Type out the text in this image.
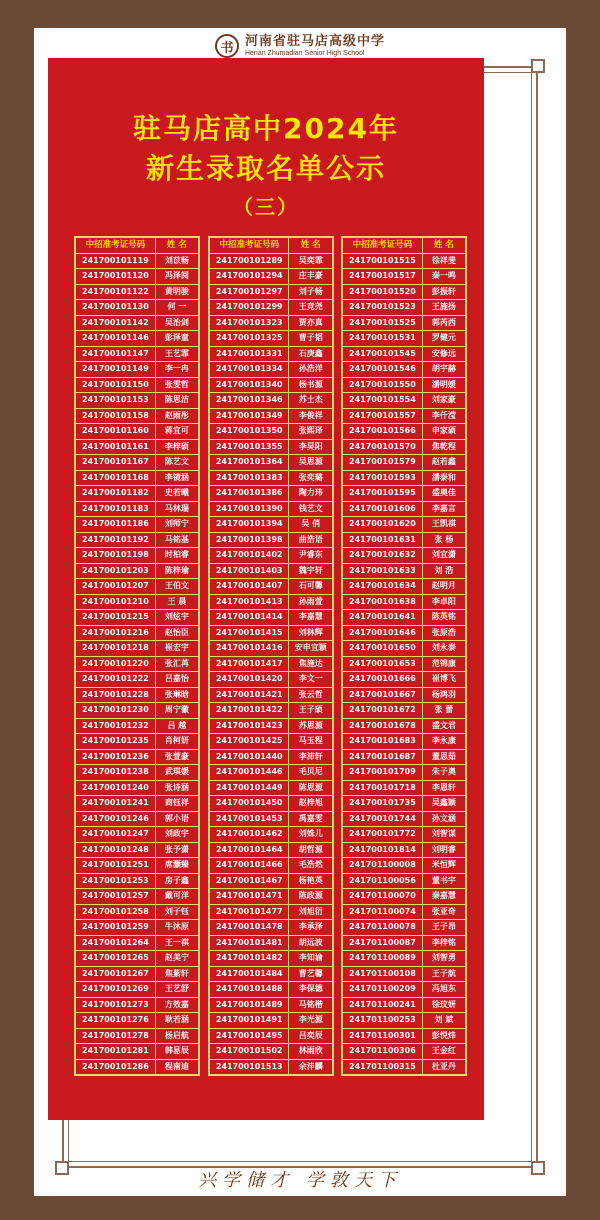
书 河南省驻马店高级中学
Henan Zhumadian Senior High School
兴学储才 学敦天下
驻马店高中2024年
新生录取名单公示
（三）
中招准考证号码	姓 名
241700101119	刘苡畅
241700101120	冯泽阅
241700101122	黄明骏
241700101130	何 一
241700101142	吴治剑
241700101146	彭泽童
241700101147	王艺霏
241700101149	李一冉
241700101150	张雯哲
241700101153	陈思洁
241700101158	赵雨彤
241700101160	蒋宜可
241700101161	李梓硕
241700101167	陈艺文
241700101168	李镜涵
241700101182	史若曦
241700101183	马林瑞
241700101186	刘师宁
241700101192	马铭基
241700101198	时柏睿
241700101203	陈梓瑜
241700101207	王伯文
241700101210	王 晨
241700101215	刘炫宇
241700101216	赵怡臣
241700101218	崔宏宇
241700101220	张汇苒
241700101222	吕嘉怡
241700101228	张琳晗
241700101230	周宁徽
241700101232	吕 越
241700101235	肖柯妍
241700101236	张萱豪
241700101238	武琪媛
241700101240	张诗涵
241700101241	商钰祥
241700101246	郭小语
241700101247	刘政宇
241700101248	张予潇
241700101251	席灏臻
241700101253	房子鑫
241700101257	戴可洋
241700101258	刘子钰
241700101259	牛沐原
241700101264	王一祺
241700101265	赵美宁
241700101267	焦紫轩
241700101269	王艺舒
241700101273	方效嘉
241700101276	耿若涵
241700101278	杨启航
241700101281	韩易辰
241700101286	程南迪
中招准考证号码	姓 名
241700101289	吴奕霏
241700101294	庄丰豪
241700101297	刘子畅
241700101299	王竞尧
241700101323	贾亦真
241700101325	曹子韬
241700101331	石庚鑫
241700101334	孙浩洋
241700101340	杨书源
241700101346	苏士杰
241700101349	李俊祥
241700101350	张熙译
241700101355	李昊阳
241700101364	吴思源
241700101383	张奕璐
241700101386	陶力玮
241700101390	钱艺文
241700101394	吴 俏
241700101398	曲浩语
241700101402	尹睿东
241700101403	魏宇轩
241700101407	石可馨
241700101413	孙雨萱
241700101414	李嘉慧
241700101415	刘林辉
241700101416	安申宜颖
241700101417	焦施达
241700101420	李文一
241700101421	张云哲
241700101422	王子硕
241700101423	苏思源
241700101425	马玉程
241700101440	李沛轩
241700101446	毛贝尼
241700101449	陈思源
241700101450	赵梓旭
241700101453	禹嘉雯
241700101462	刘姝儿
241700101464	胡哲源
241700101466	毛浩然
241700101467	杨艳英
241700101471	陈政源
241700101477	刘旭衍
241700101478	李承泽
241700101481	胡远波
241700101482	李知谕
241700101484	曹艺馨
241700101488	李保德
241700101489	马铭楷
241700101491	李光源
241700101495	吕奕辰
241700101502	林雨欣
241700101513	余沣麟
中招准考证号码	姓 名
241700101515	徐祥斐
241700101517	秦一鸣
241700101520	彭振轩
241700101523	王施扬
241700101525	郭芮西
241700101531	罗健元
241700101545	安修远
241700101546	胡宇赫
241700101550	潘明媛
241700101554	刘家豪
241700101557	李仟滢
241700101566	申家硕
241700101570	焦乾程
241700101579	赵若鑫
241700101593	潘泰和
241700101595	盛奥佳
241700101606	李嘉言
241700101620	王凯祺
241700101631	张 杨
241700101632	刘宜潇
241700101633	刘 浩
241700101634	赵明月
241700101638	李卓阳
241700101641	陈英铭
241700101646	张原浩
241700101650	刘永泰
241700101653	范锦康
241700101666	崔博飞
241700101667	杨鸿羽
241700101672	张 蕾
241700101678	盛文君
241700101683	李永康
241700101687	董思茹
241700101709	朱子奥
241700101718	李恩轩
241700101735	吴鑫颖
241700101744	孙文涵
241700101772	刘智谋
241700101814	刘明睿
241701100008	米恒辉
241701100056	董书宇
241701100070	秦嘉慧
241701100074	张亚奇
241701100078	王子昂
241701100087	李梓铭
241701100089	刘智勇
241701100108	王子航
241701100209	冯旭东
241701100241	徐玟妍
241701100253	刘 斌
241701100301	彭悦炜
241701100306	王金红
241701100315	杜亚丹
